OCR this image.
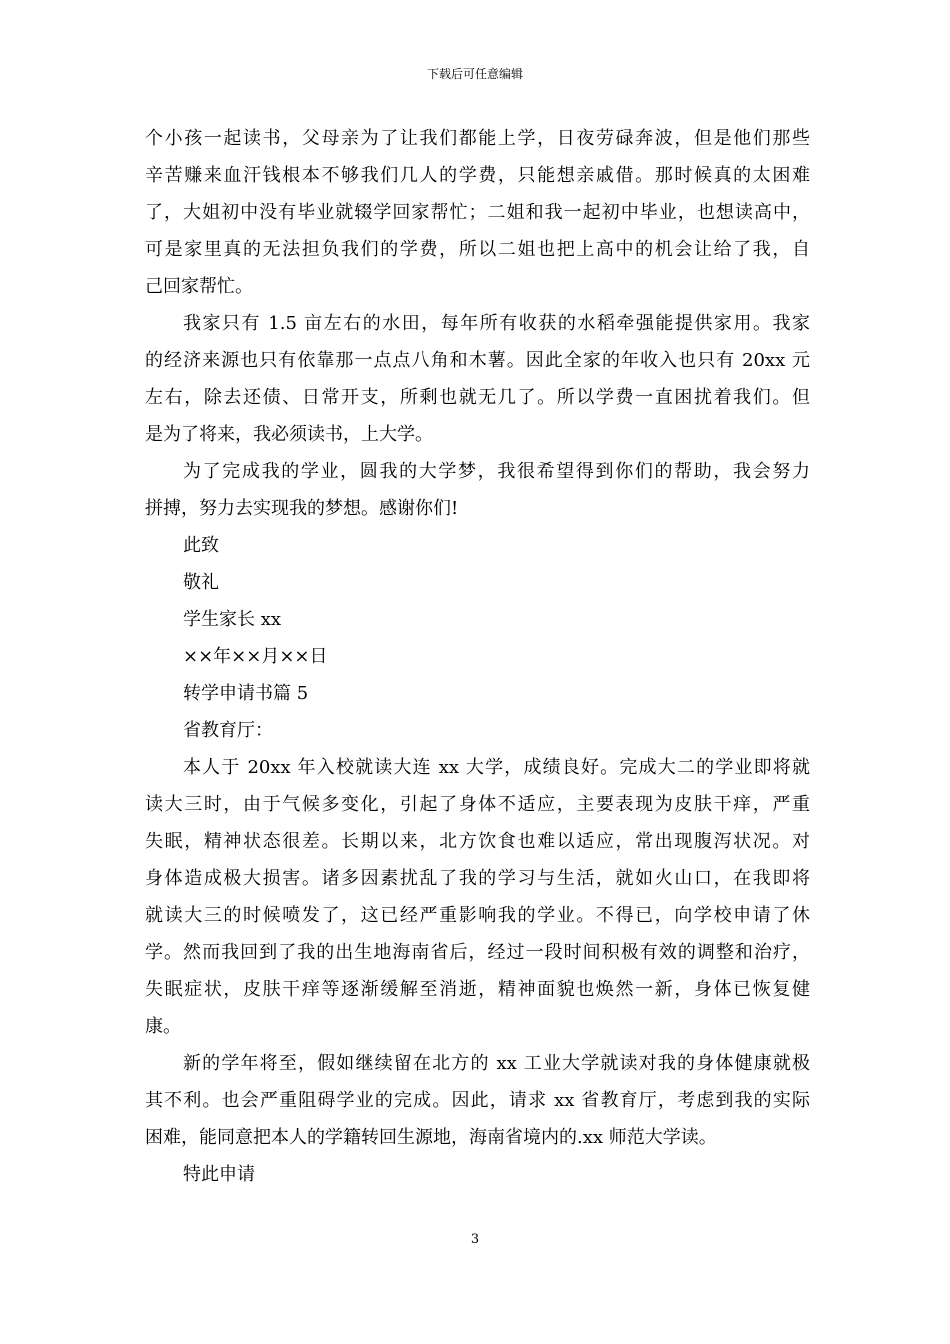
下载后可任意编辑
个小孩一起读书，父母亲为了让我们都能上学，日夜劳碌奔波，但是他们那些
辛苦赚来血汗钱根本不够我们几人的学费，只能想亲戚借。那时候真的太困难
了，大姐初中没有毕业就辍学回家帮忙；二姐和我一起初中毕业，也想读高中，
可是家里真的无法担负我们的学费，所以二姐也把上高中的机会让给了我，自
己回家帮忙。
我家只有 1.5 亩左右的水田，每年所有收获的水稻牵强能提供家用。我家
的经济来源也只有依靠那一点点八角和木薯。因此全家的年收入也只有 20xx 元
左右，除去还债、日常开支，所剩也就无几了。所以学费一直困扰着我们。但
是为了将来，我必须读书，上大学。
为了完成我的学业，圆我的大学梦，我很希望得到你们的帮助，我会努力
拼搏，努力去实现我的梦想。感谢你们!
此致
敬礼
学生家长 xx
××年××月××日
转学申请书篇 5
省教育厅：
本人于 20xx 年入校就读大连 xx 大学，成绩良好。完成大二的学业即将就
读大三时，由于气候多变化，引起了身体不适应，主要表现为皮肤干痒，严重
失眠，精神状态很差。长期以来，北方饮食也难以适应，常出现腹泻状况。对
身体造成极大损害。诸多因素扰乱了我的学习与生活，就如火山口，在我即将
就读大三的时候喷发了，这已经严重影响我的学业。不得已，向学校申请了休
学。然而我回到了我的出生地海南省后，经过一段时间积极有效的调整和治疗，
失眠症状，皮肤干痒等逐渐缓解至消逝，精神面貌也焕然一新，身体已恢复健
康。
新的学年将至，假如继续留在北方的 xx 工业大学就读对我的身体健康就极
其不利。也会严重阻碍学业的完成。因此，请求 xx 省教育厅，考虑到我的实际
困难，能同意把本人的学籍转回生源地，海南省境内的.xx 师范大学读。
特此申请
3
